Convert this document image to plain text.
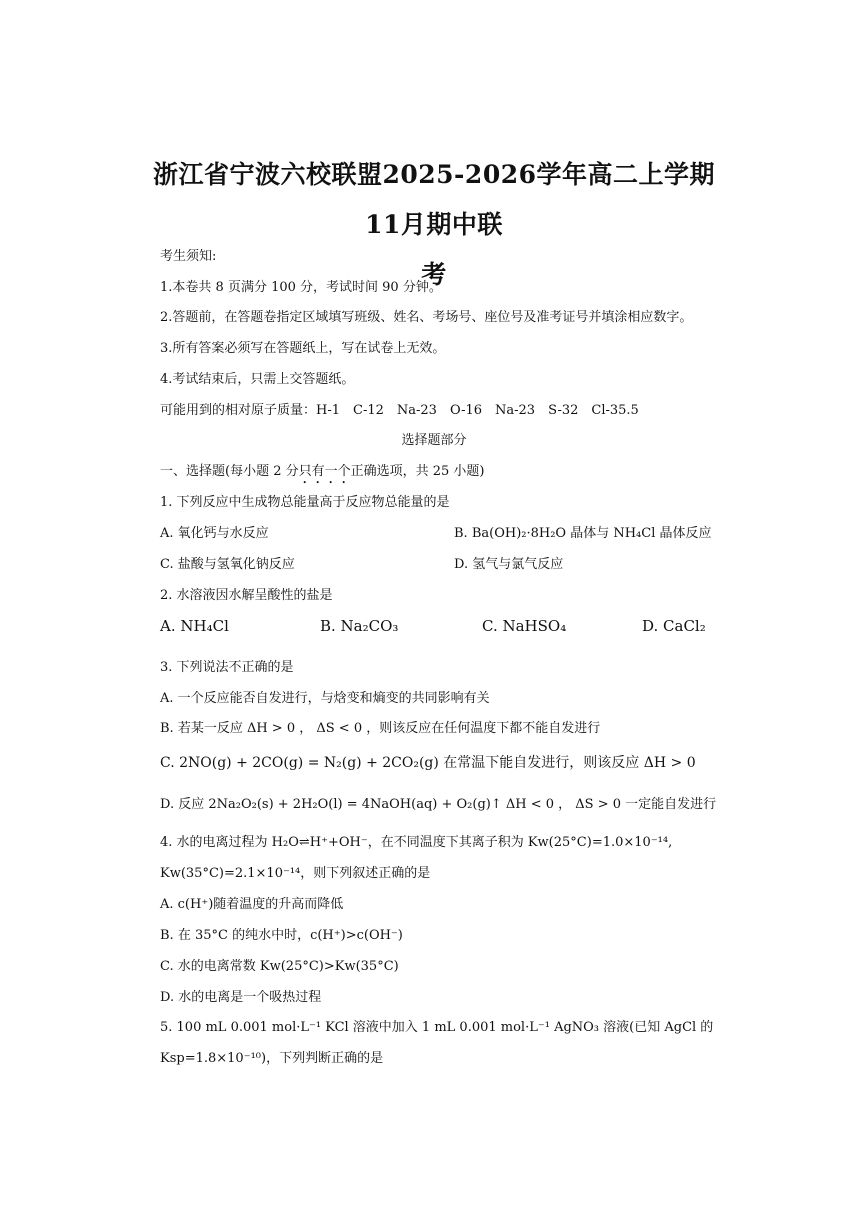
浙江省宁波六校联盟2025-2026学年高二上学期11月期中联
考
考生须知:
1.本卷共 8 页满分 100 分，考试时间 90 分钟。
2.答题前，在答题卷指定区域填写班级、姓名、考场号、座位号及准考证号并填涂相应数字。
3.所有答案必须写在答题纸上，写在试卷上无效。
4.考试结束后，只需上交答题纸。
可能用到的相对原子质量：H-1　C-12　Na-23　O-16　Na-23　S-32　Cl-35.5
选择题部分
一、选择题(每小题 2 分只有一个正确选项，共 25 小题)
1. 下列反应中生成物总能量高于反应物总能量的是
A. 氧化钙与水反应	B. Ba(OH)₂·8H₂O 晶体与 NH₄Cl 晶体反应
C. 盐酸与氢氧化钠反应	D. 氢气与氯气反应
2. 水溶液因水解呈酸性的盐是
A. NH₄Cl	B. Na₂CO₃	C. NaHSO₄	D. CaCl₂
3. 下列说法不正确的是
A. 一个反应能否自发进行，与焓变和熵变的共同影响有关
B. 若某一反应 ΔH > 0 ， ΔS < 0 ，则该反应在任何温度下都不能自发进行
C. 2NO(g) + 2CO(g) = N₂(g) + 2CO₂(g) 在常温下能自发进行，则该反应 ΔH > 0
D. 反应 2Na₂O₂(s) + 2H₂O(l) = 4NaOH(aq) + O₂(g)↑ ΔH < 0 ， ΔS > 0 一定能自发进行
4. 水的电离过程为 H₂O⇌H⁺+OH⁻，在不同温度下其离子积为 Kw(25°C)=1.0×10⁻¹⁴,
Kw(35°C)=2.1×10⁻¹⁴，则下列叙述正确的是
A. c(H⁺)随着温度的升高而降低
B. 在 35°C 的纯水中时，c(H⁺)>c(OH⁻)
C. 水的电离常数 Kw(25°C)>Kw(35°C)
D. 水的电离是一个吸热过程
5. 100 mL 0.001 mol·L⁻¹ KCl 溶液中加入 1 mL 0.001 mol·L⁻¹ AgNO₃ 溶液(已知 AgCl 的
Ksp=1.8×10⁻¹⁰)，下列判断正确的是
